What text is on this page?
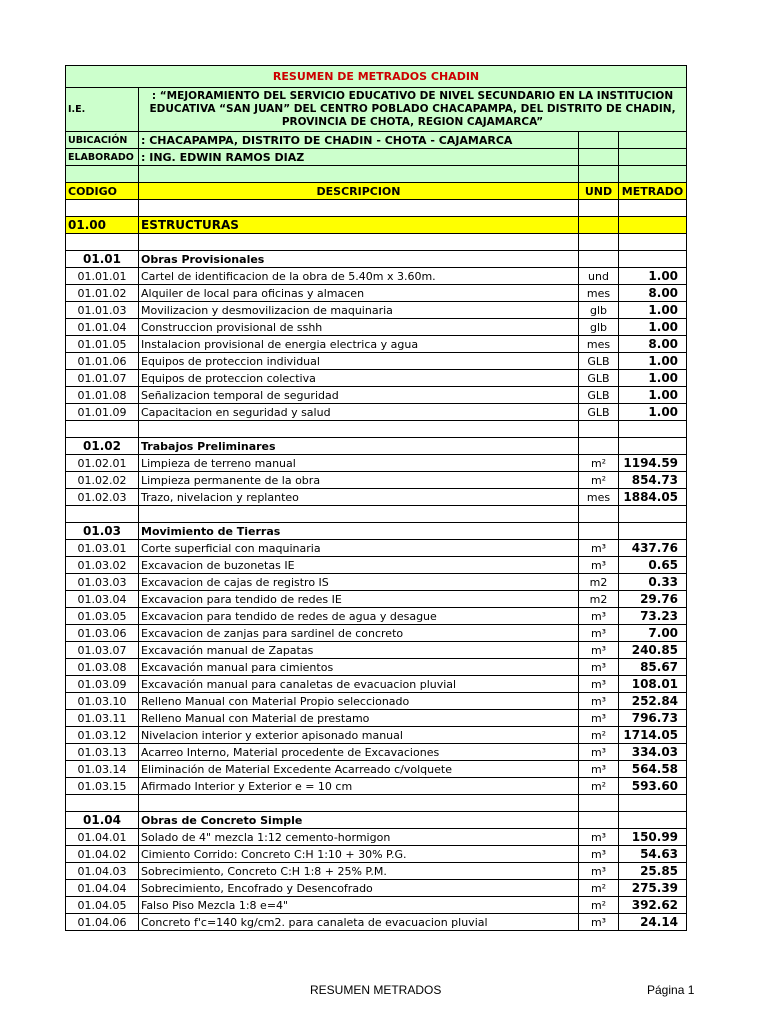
RESUMEN DE METRADOS CHADIN			
I.E.	: “MEJORAMIENTO DEL SERVICIO EDUCATIVO DE NIVEL SECUNDARIO EN LA INSTITUCION EDUCATIVA “SAN JUAN” DEL CENTRO POBLADO CHACAPAMPA, DEL DISTRITO DE CHADIN, PROVINCIA DE CHOTA, REGION CAJAMARCA”		
UBICACIÓN	: CHACAPAMPA, DISTRITO DE CHADIN - CHOTA - CAJAMARCA		
ELABORADO	: ING. EDWIN RAMOS DIAZ		

CODIGO	DESCRIPCION	UND	METRADO

01.00	ESTRUCTURAS		

01.01	Obras Provisionales		
01.01.01	Cartel de identificacion de la obra de 5.40m x 3.60m.	und	1.00
01.01.02	Alquiler de local para oficinas y almacen	mes	8.00
01.01.03	Movilizacion y desmovilizacion de maquinaria	glb	1.00
01.01.04	Construccion provisional de sshh	glb	1.00
01.01.05	Instalacion provisional de energia electrica y agua	mes	8.00
01.01.06	Equipos de proteccion individual	GLB	1.00
01.01.07	Equipos de proteccion colectiva	GLB	1.00
01.01.08	Señalizacion temporal de seguridad	GLB	1.00
01.01.09	Capacitacion en seguridad y salud	GLB	1.00

01.02	Trabajos Preliminares		
01.02.01	Limpieza de terreno manual	m²	1194.59
01.02.02	Limpieza permanente de la obra	m²	854.73
01.02.03	Trazo, nivelacion y replanteo	mes	1884.05

01.03	Movimiento de Tierras		
01.03.01	Corte superficial con maquinaria	m³	437.76
01.03.02	Excavacion de buzonetas IE	m³	0.65
01.03.03	Excavacion de cajas de registro IS	m2	0.33
01.03.04	Excavacion para tendido de redes IE	m2	29.76
01.03.05	Excavacion para tendido de redes de agua y desague	m³	73.23
01.03.06	Excavacion de zanjas para sardinel de concreto	m³	7.00
01.03.07	Excavación manual de Zapatas	m³	240.85
01.03.08	Excavación manual para cimientos	m³	85.67
01.03.09	Excavación manual para canaletas de evacuacion pluvial	m³	108.01
01.03.10	Relleno Manual con Material Propio seleccionado	m³	252.84
01.03.11	Relleno Manual con Material de prestamo	m³	796.73
01.03.12	Nivelacion interior y exterior apisonado manual	m²	1714.05
01.03.13	Acarreo Interno, Material procedente de Excavaciones	m³	334.03
01.03.14	Eliminación de Material Excedente Acarreado c/volquete	m³	564.58
01.03.15	Afirmado Interior y Exterior e = 10 cm	m²	593.60

01.04	Obras de Concreto Simple		
01.04.01	Solado de 4" mezcla 1:12 cemento-hormigon	m³	150.99
01.04.02	Cimiento Corrido: Concreto C:H 1:10 + 30% P.G.	m³	54.63
01.04.03	Sobrecimiento, Concreto C:H 1:8 + 25% P.M.	m³	25.85
01.04.04	Sobrecimiento, Encofrado y Desencofrado	m²	275.39
01.04.05	Falso Piso Mezcla 1:8 e=4"	m²	392.62
01.04.06	Concreto f'c=140 kg/cm2. para canaleta de evacuacion pluvial	m³	24.14
RESUMEN METRADOS	Página 1
